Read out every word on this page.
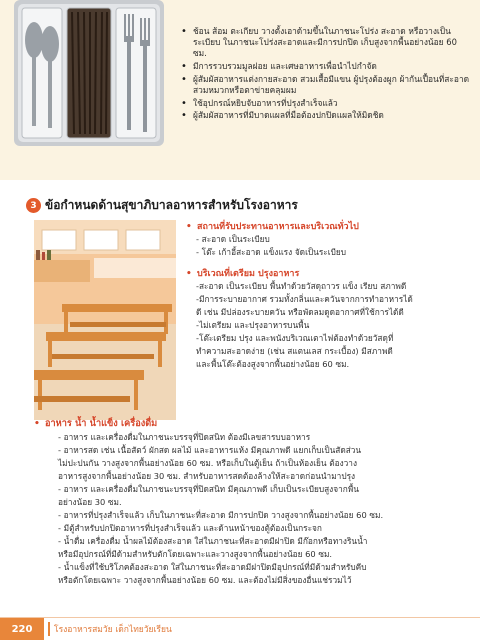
• ช้อน ส้อม ตะเกียบ วางตั้งเอาด้ามขึ้นในภาชนะโปร่ง สะอาด หรือวางเป็นระเบียบ ในภาชนะโปร่งสะอาดและมีการปกปิด เก็บสูงจากพื้นอย่างน้อย 60 ซม.
• มีการรวบรวมมูลฝอย และเศษอาหารเพื่อนำไปกำจัด
• ผู้สัมผัสอาหารแต่งกายสะอาด สวมเสื้อมีแขน ผู้ปรุงต้องผูก ผ้ากันเปื้อนที่สะอาด สวมหมวกหรือตาข่ายคลุมผม
• ใช้อุปกรณ์หยิบจับอาหารที่ปรุงสำเร็จแล้ว
• ผู้สัมผัสอาหารที่มีบาดแผลที่มือต้องปกปิดแผลให้มิดชิด
3 ข้อกำหนดด้านสุขาภิบาลอาหารสำหรับโรงอาหาร
• สถานที่รับประทานอาหารและบริเวณทั่วไป
- สะอาด เป็นระเบียบ
- โต๊ะ เก้าอี้สะอาด แข็งแรง จัดเป็นระเบียบ
• บริเวณที่เตรียม ปรุงอาหาร
-สะอาด เป็นระเบียบ พื้นทำด้วยวัสดุถาวร แข็ง เรียบ สภาพดี
-มีการระบายอากาศ รวมทั้งกลิ่นและควันจากการทำอาหารได้
ดี เช่น มีปล่องระบายควัน หรือพัดลมดูดอากาศที่ใช้การได้ดี
-ไม่เตรียม และปรุงอาหารบนพื้น
-โต๊ะเตรียม ปรุง และพนังบริเวณเตาไฟต้องทำด้วยวัสดุที่
ทำความสะอาดง่าย (เช่น สแตนเลส กระเบื้อง) มีสภาพดี
และพื้นโต๊ะต้องสูงจากพื้นอย่างน้อย 60 ซม.
• อาหาร น้ำ น้ำแข็ง เครื่องดื่ม
- อาหาร และเครื่องดื่มในภาชนะบรรจุที่ปิดสนิท ต้องมีเลขสารบบอาหาร
- อาหารสด เช่น เนื้อสัตว์ ผักสด ผลไม้ และอาหารแห้ง มีคุณภาพดี แยกเก็บเป็นสัดส่วน
ไม่ปะปนกัน วางสูงจากพื้นอย่างน้อย 60 ซม. หรือเก็บในตู้เย็น ถ้าเป็นห้องเย็น ต้องวาง
อาหารสูงจากพื้นอย่างน้อย 30 ซม. สำหรับอาหารสดต้องล้างให้สะอาดก่อนนำมาปรุง
- อาหาร และเครื่องดื่มในภาชนะบรรจุที่ปิดสนิท มีคุณภาพดี เก็บเป็นระเบียบสูงจากพื้น
อย่างน้อย 30 ซม.
- อาหารที่ปรุงสำเร็จแล้ว เก็บในภาชนะที่สะอาด มีการปกปิด วางสูงจากพื้นอย่างน้อย 60 ซม.
- มีตู้สำหรับปกปิดอาหารที่ปรุงสำเร็จแล้ว และด้านหน้าของตู้ต้องเป็นกระจก
- น้ำดื่ม เครื่องดื่ม น้ำผลไม้ต้องสะอาด ใส่ในภาชนะที่สะอาดมีฝาปิด มีก๊อกหรือทางรินน้ำ
หรือมีอุปกรณ์ที่มีด้ามสำหรับตักโดยเฉพาะและวางสูงจากพื้นอย่างน้อย 60 ซม.
- น้ำแข็งที่ใช้บริโภคต้องสะอาด ใส่ในภาชนะที่สะอาดมีฝาปิดมีอุปกรณ์ที่มีด้ามสำหรับคีบ
หรือตักโดยเฉพาะ วางสูงจากพื้นอย่างน้อย 60 ซม. และต้องไม่มีสิ่งของอื่นแช่รวมไว้
220	โรงอาหารสมวัย เด็กไทยวัยเรียน
